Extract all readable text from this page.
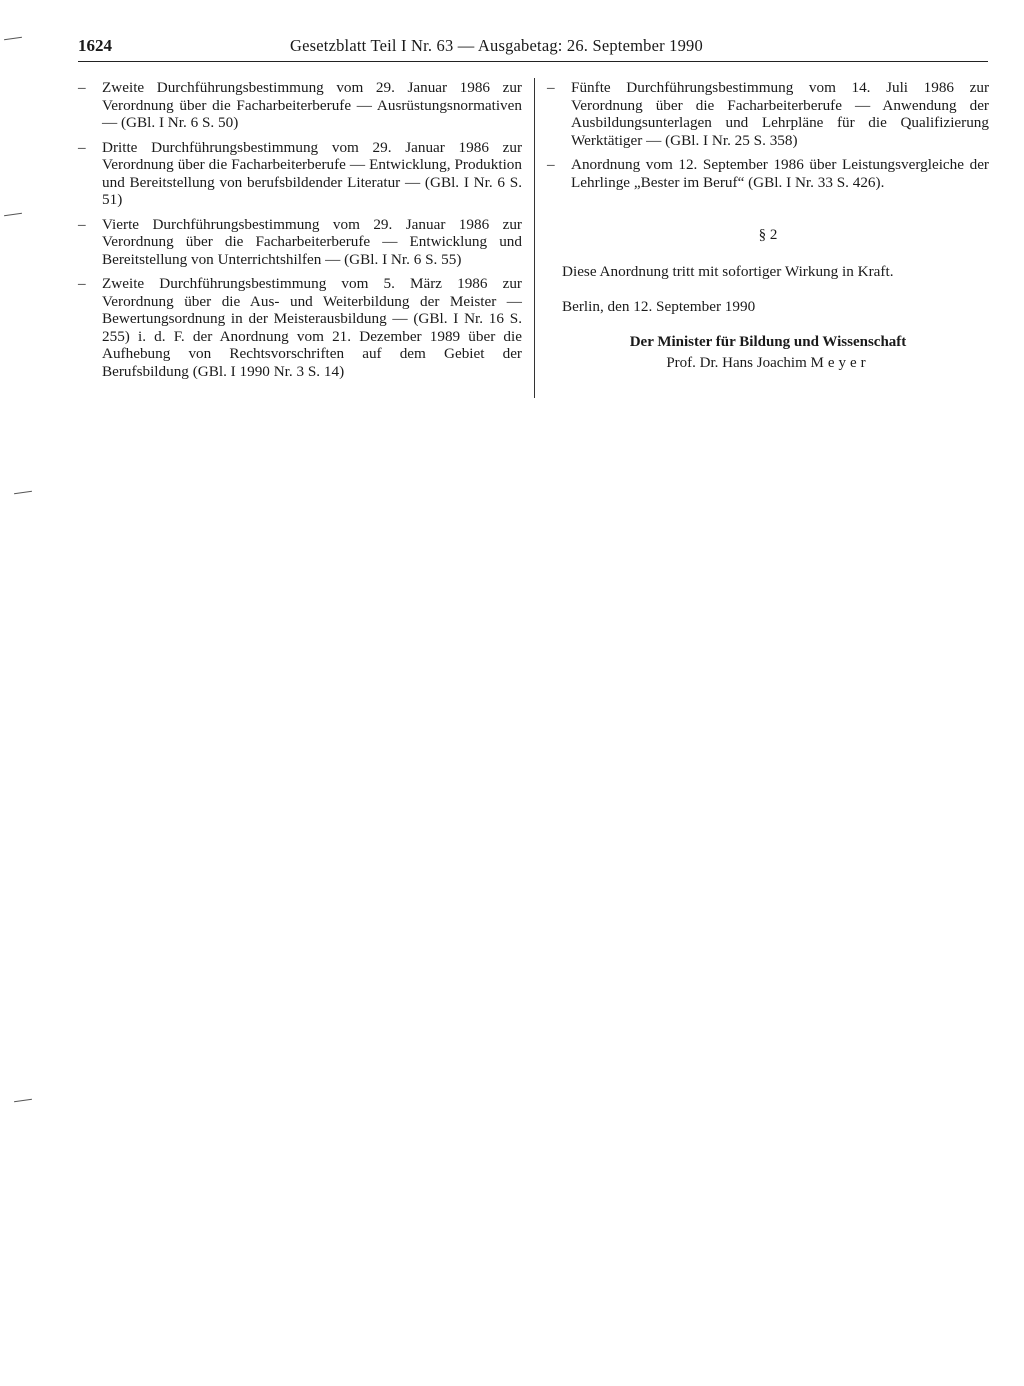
1624	Gesetzblatt Teil I Nr. 63 — Ausgabetag: 26. September 1990
– Zweite Durchführungsbestimmung vom 29. Januar 1986 zur Verordnung über die Facharbeiterberufe — Ausrüstungsnormativen — (GBl. I Nr. 6 S. 50)
– Dritte Durchführungsbestimmung vom 29. Januar 1986 zur Verordnung über die Facharbeiterberufe — Entwicklung, Produktion und Bereitstellung von berufsbildender Literatur — (GBl. I Nr. 6 S. 51)
– Vierte Durchführungsbestimmung vom 29. Januar 1986 zur Verordnung über die Facharbeiterberufe — Entwicklung und Bereitstellung von Unterrichtshilfen — (GBl. I Nr. 6 S. 55)
– Zweite Durchführungsbestimmung vom 5. März 1986 zur Verordnung über die Aus- und Weiterbildung der Meister — Bewertungsordnung in der Meisterausbildung — (GBl. I Nr. 16 S. 255) i. d. F. der Anordnung vom 21. Dezember 1989 über die Aufhebung von Rechtsvorschriften auf dem Gebiet der Berufsbildung (GBl. I 1990 Nr. 3 S. 14)
– Fünfte Durchführungsbestimmung vom 14. Juli 1986 zur Verordnung über die Facharbeiterberufe — Anwendung der Ausbildungsunterlagen und Lehrpläne für die Qualifizierung Werktätiger — (GBl. I Nr. 25 S. 358)
– Anordnung vom 12. September 1986 über Leistungsvergleiche der Lehrlinge „Bester im Beruf“ (GBl. I Nr. 33 S. 426).
§ 2

Diese Anordnung tritt mit sofortiger Wirkung in Kraft.

Berlin, den 12. September 1990

Der Minister für Bildung und Wissenschaft
Prof. Dr. Hans Joachim Meyer
